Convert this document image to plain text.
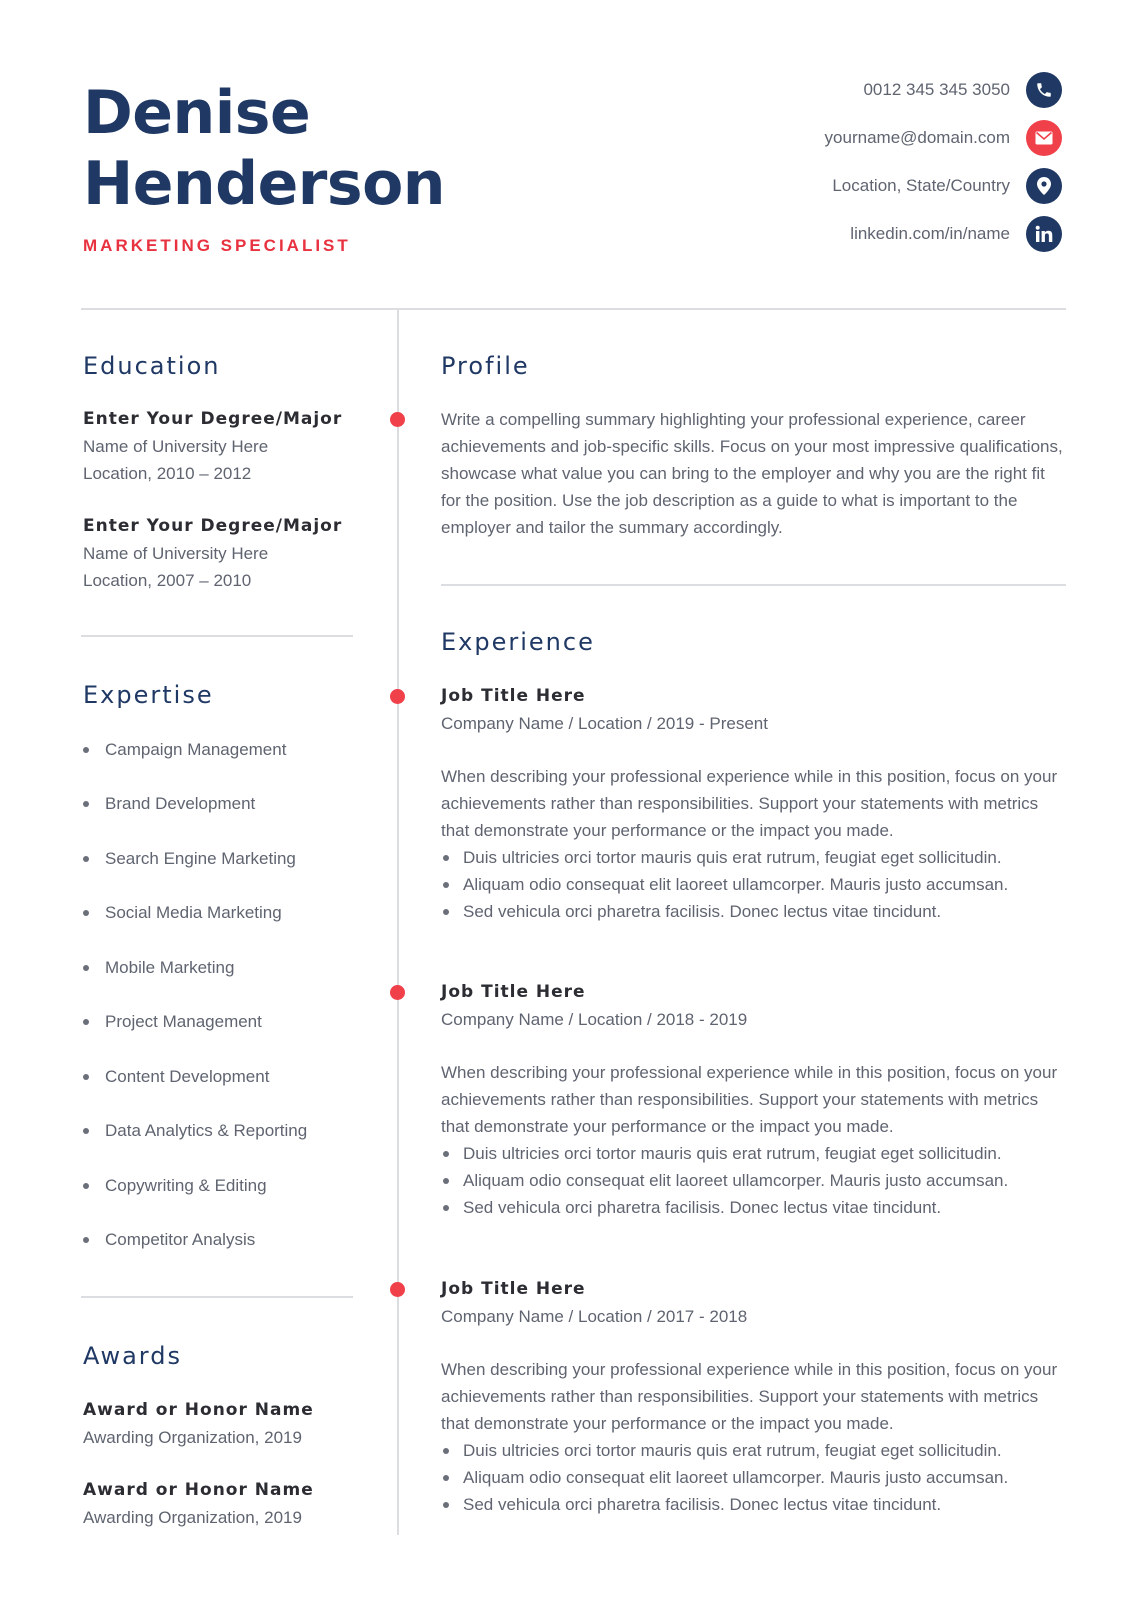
Denise
Henderson
MARKETING SPECIALIST
0012 345 345 3050
yourname@domain.com
Location, State/Country
linkedin.com/in/name
Education
Enter Your Degree/Major
Name of University Here
Location, 2010 – 2012
Enter Your Degree/Major
Name of University Here
Location, 2007 – 2010
Expertise
Campaign Management
Brand Development
Search Engine Marketing
Social Media Marketing
Mobile Marketing
Project Management
Content Development
Data Analytics & Reporting
Copywriting & Editing
Competitor Analysis
Awards
Award or Honor Name
Awarding Organization, 2019
Award or Honor Name
Awarding Organization, 2019
Profile
Write a compelling summary highlighting your professional experience, career achievements and job-specific skills. Focus on your most impressive qualifications, showcase what value you can bring to the employer and why you are the right fit for the position. Use the job description as a guide to what is important to the employer and tailor the summary accordingly.
Experience
Job Title Here
Company Name / Location / 2019 - Present
When describing your professional experience while in this position, focus on your achievements rather than responsibilities. Support your statements with metrics that demonstrate your performance or the impact you made.
Duis ultricies orci tortor mauris quis erat rutrum, feugiat eget sollicitudin.
Aliquam odio consequat elit laoreet ullamcorper. Mauris justo accumsan.
Sed vehicula orci pharetra facilisis. Donec lectus vitae tincidunt.
Job Title Here
Company Name / Location / 2018 - 2019
When describing your professional experience while in this position, focus on your achievements rather than responsibilities. Support your statements with metrics that demonstrate your performance or the impact you made.
Duis ultricies orci tortor mauris quis erat rutrum, feugiat eget sollicitudin.
Aliquam odio consequat elit laoreet ullamcorper. Mauris justo accumsan.
Sed vehicula orci pharetra facilisis. Donec lectus vitae tincidunt.
Job Title Here
Company Name / Location / 2017 - 2018
When describing your professional experience while in this position, focus on your achievements rather than responsibilities. Support your statements with metrics that demonstrate your performance or the impact you made.
Duis ultricies orci tortor mauris quis erat rutrum, feugiat eget sollicitudin.
Aliquam odio consequat elit laoreet ullamcorper. Mauris justo accumsan.
Sed vehicula orci pharetra facilisis. Donec lectus vitae tincidunt.
